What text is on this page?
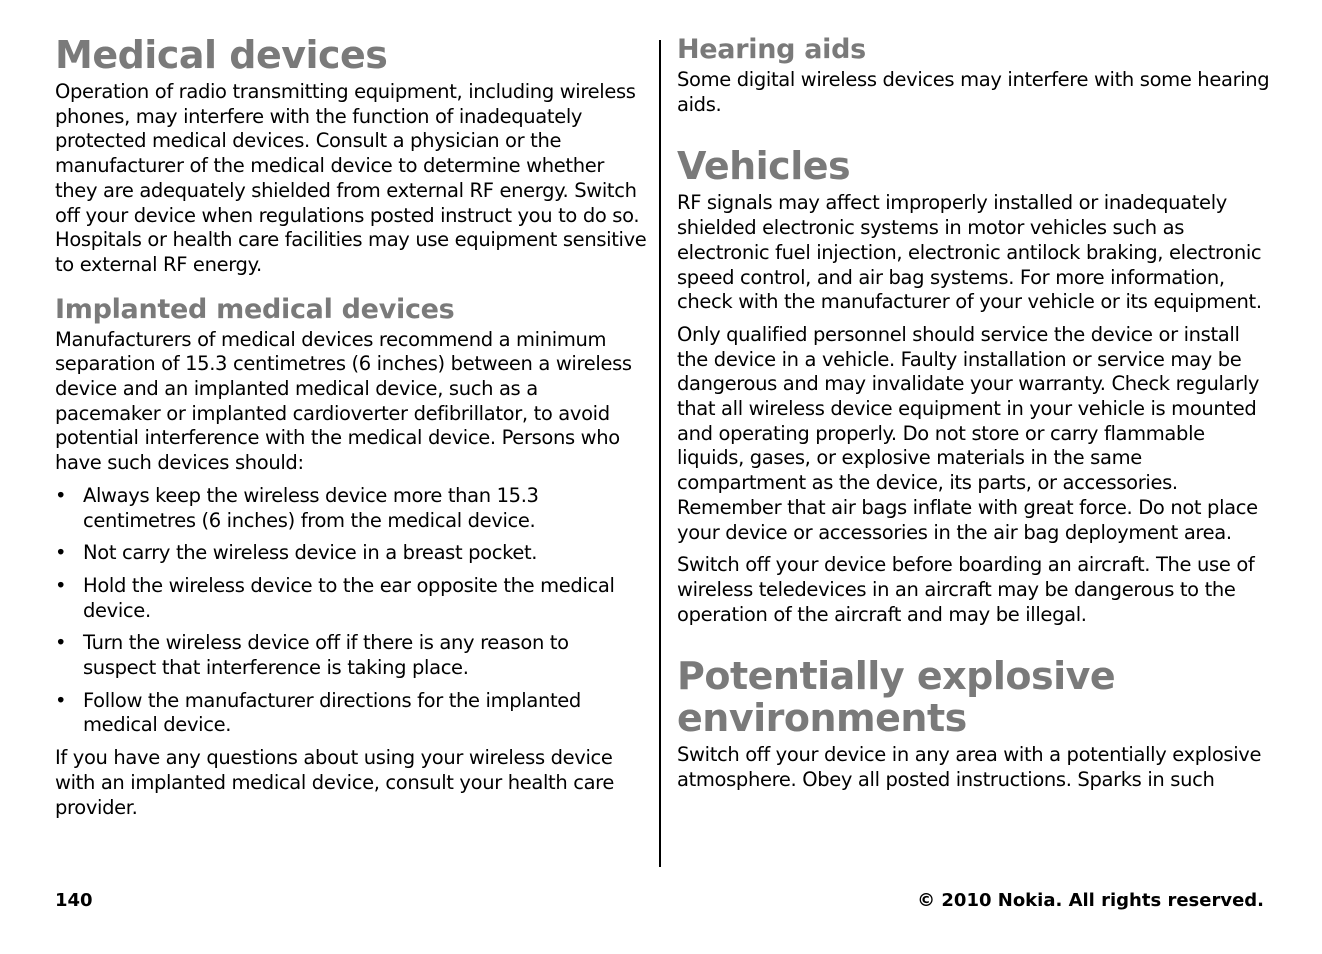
Medical devices

Operation of radio transmitting equipment, including wireless phones, may interfere with the function of inadequately protected medical devices. Consult a physician or the manufacturer of the medical device to determine whether they are adequately shielded from external RF energy. Switch off your device when regulations posted instruct you to do so. Hospitals or health care facilities may use equipment sensitive to external RF energy.

Implanted medical devices

Manufacturers of medical devices recommend a minimum separation of 15.3 centimetres (6 inches) between a wireless device and an implanted medical device, such as a pacemaker or implanted cardioverter defibrillator, to avoid potential interference with the medical device. Persons who have such devices should:

• Always keep the wireless device more than 15.3 centimetres (6 inches) from the medical device.
• Not carry the wireless device in a breast pocket.
• Hold the wireless device to the ear opposite the medical device.
• Turn the wireless device off if there is any reason to suspect that interference is taking place.
• Follow the manufacturer directions for the implanted medical device.

If you have any questions about using your wireless device with an implanted medical device, consult your health care provider.

Hearing aids

Some digital wireless devices may interfere with some hearing aids.

Vehicles

RF signals may affect improperly installed or inadequately shielded electronic systems in motor vehicles such as electronic fuel injection, electronic antilock braking, electronic speed control, and air bag systems. For more information, check with the manufacturer of your vehicle or its equipment.

Only qualified personnel should service the device or install the device in a vehicle. Faulty installation or service may be dangerous and may invalidate your warranty. Check regularly that all wireless device equipment in your vehicle is mounted and operating properly. Do not store or carry flammable liquids, gases, or explosive materials in the same compartment as the device, its parts, or accessories. Remember that air bags inflate with great force. Do not place your device or accessories in the air bag deployment area.

Switch off your device before boarding an aircraft. The use of wireless teledevices in an aircraft may be dangerous to the operation of the aircraft and may be illegal.

Potentially explosive environments

Switch off your device in any area with a potentially explosive atmosphere. Obey all posted instructions. Sparks in such

140	© 2010 Nokia. All rights reserved.
